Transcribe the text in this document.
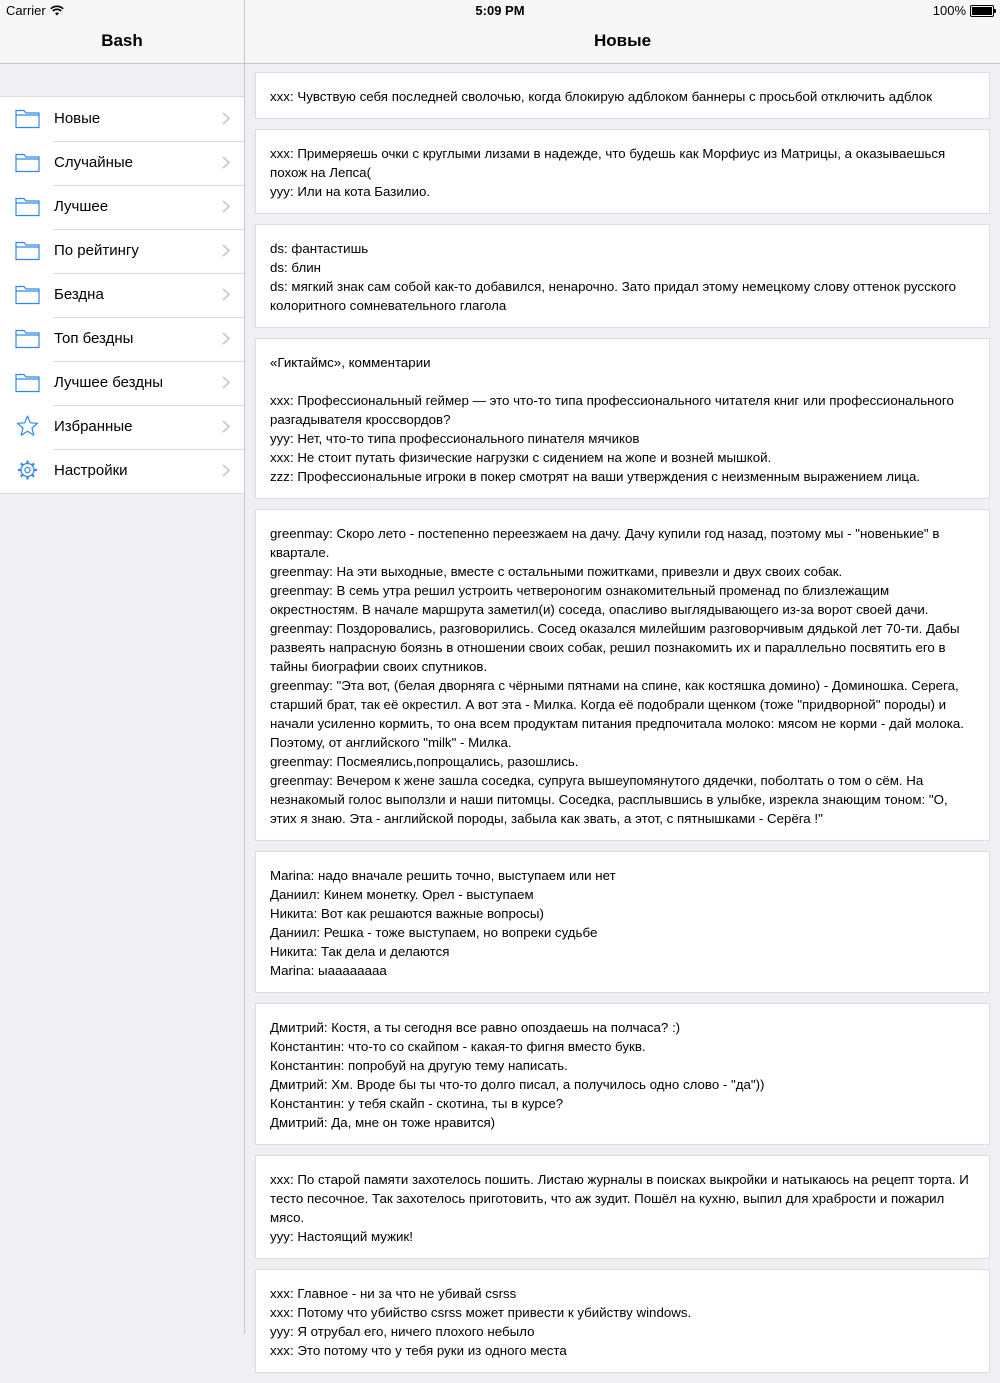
Carrier	5:09 PM	100%
Bash
Новые
Случайные
Лучшее
По рейтингу
Бездна
Топ бездны
Лучшее бездны
Избранные
Настройки
Новые
xxx: Чувствую себя последней сволочью, когда блокирую адблоком баннеры с просьбой отключить адблок
xxx: Примеряешь очки с круглыми лизами в надежде, что будешь как Морфиус из Матрицы, а оказываешься похож на Лепса(
yyy: Или на кота Базилио.
ds: фантастишь
ds: блин
ds: мягкий знак сам собой как-то добавился, ненарочно. Зато придал этому немецкому слову оттенок русского колоритного сомневательного глагола
«Гиктаймс», комментарии

xxx: Профессиональный геймер — это что-то типа профессионального читателя книг или профессионального разгадывателя кроссвордов?
yyy: Нет, что-то типа профессионального пинателя мячиков
xxx: Не стоит путать физические нагрузки с сидением на жопе и возней мышкой.
zzz: Профессиональные игроки в покер смотрят на ваши утверждения с неизменным выражением лица.
greenmay: Скоро лето - постепенно переезжаем на дачу. Дачу купили год назад, поэтому мы - "новенькие" в квартале.
greenmay: На эти выходные, вместе с остальными пожитками, привезли и двух своих собак.
greenmay: В семь утра решил устроить четвероногим ознакомительный променад по близлежащим окрестностям. В начале маршрута заметил(и) соседа, опасливо выглядывающего из-за ворот своей дачи.
greenmay: Поздоровались, разговорились. Сосед оказался милейшим разговорчивым дядькой лет 70-ти. Дабы развеять напрасную боязнь в отношении своих собак, решил познакомить их и параллельно посвятить его в тайны биографии своих спутников.
greenmay: "Эта вот, (белая дворняга с чёрными пятнами на спине, как костяшка домино) - Доминошка. Серега, старший брат, так её окрестил. А вот эта - Милка. Когда её подобрали щенком (тоже "придворной" породы) и начали усиленно кормить, то она всем продуктам питания предпочитала молоко: мясом не корми - дай молока. Поэтому, от английского "milk" - Милка.
greenmay: Посмеялись,попрощались, разошлись.
greenmay: Вечером к жене зашла соседка, супруга вышеупомянутого дядечки, поболтать о том о сём. На незнакомый голос выползли и наши питомцы. Соседка, расплывшись в улыбке, изрекла знающим тоном: "О, этих я знаю. Эта - английской породы, забыла как звать, а этот, с пятнышками - Серёга !"
Marina: надо вначале решить точно, выступаем или нет
Даниил: Кинем монетку. Орел - выступаем
Никита: Вот как решаются важные вопросы)
Даниил: Решка - тоже выступаем, но вопреки судьбе
Никита: Так дела и делаются
Marina: ыааааaaaa
Дмитрий: Костя, а ты сегодня все равно опоздаешь на полчаса? :)
Константин: что-то со скайпом - какая-то фигня вместо букв.
Константин: попробуй на другую тему написать.
Дмитрий: Хм. Вроде бы ты что-то долго писал, а получилось одно слово - "да"))
Константин: у тебя скайп - скотина, ты в курсе?
Дмитрий: Да, мне он тоже нравится)
xxx: По старой памяти захотелось пошить. Листаю журналы в поисках выкройки и натыкаюсь на рецепт торта. И тесто песочное. Так захотелось приготовить, что аж зудит. Пошёл на кухню, выпил для храбрости и пожарил мясо.
yyy: Настоящий мужик!
xxx: Главное - ни за что не убивай csrss
xxx: Потому что убийство csrss может привести к убийству windows.
yyy: Я отрубал его, ничего плохого небыло
xxx: Это потому что у тебя руки из одного места
